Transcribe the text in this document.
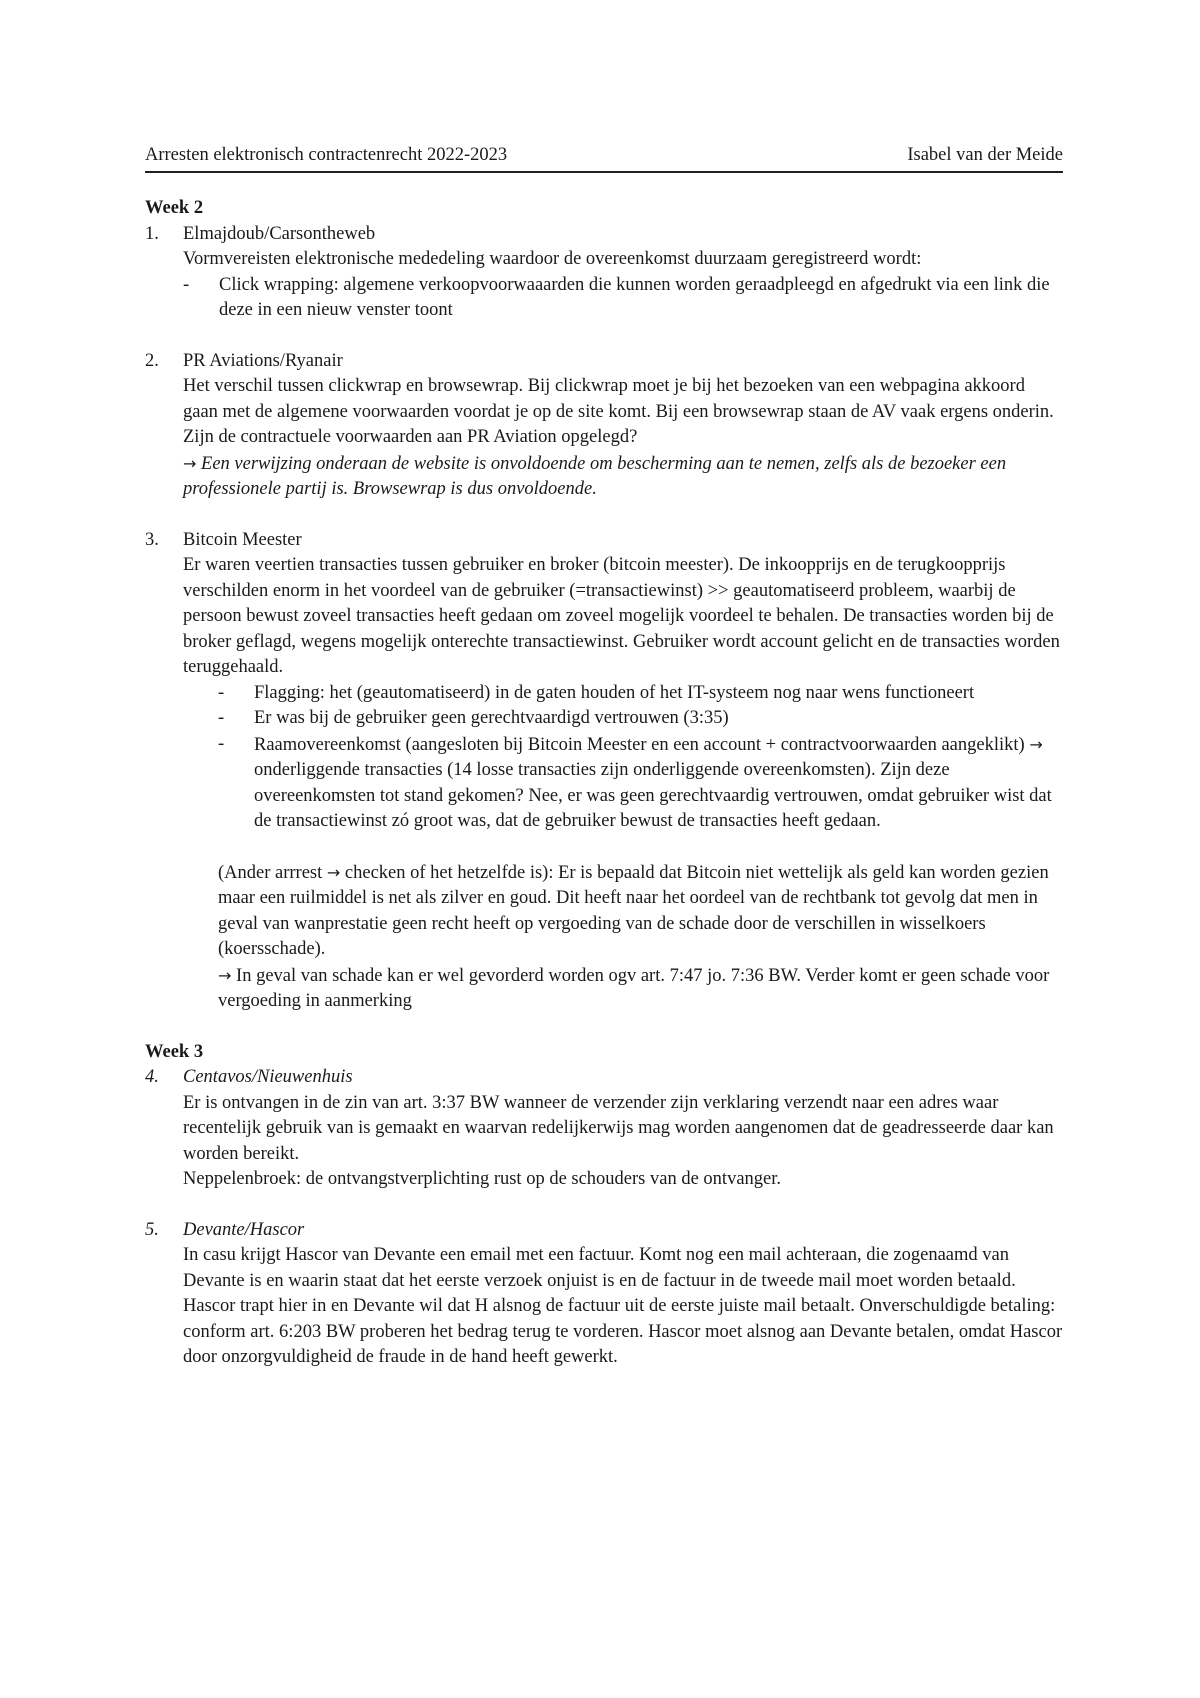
Arresten elektronisch contractenrecht 2022-2023	Isabel van der Meide

Week 2

1. Elmajdoub/Carsontheweb

Vormvereisten elektronische mededeling waardoor de overeenkomst duurzaam geregistreerd wordt:

- Click wrapping: algemene verkoopvoorwaaarden die kunnen worden geraadpleegd en afgedrukt via een link die deze in een nieuw venster toont
2. PR Aviations/Ryanair

Het verschil tussen clickwrap en browsewrap. Bij clickwrap moet je bij het bezoeken van een webpagina akkoord gaan met de algemene voorwaarden voordat je op de site komt. Bij een browsewrap staan de AV vaak ergens onderin. Zijn de contractuele voorwaarden aan PR Aviation opgelegd?

→ Een verwijzing onderaan de website is onvoldoende om bescherming aan te nemen, zelfs als de bezoeker een professionele partij is. Browsewrap is dus onvoldoende.

3. Bitcoin Meester

Er waren veertien transacties tussen gebruiker en broker (bitcoin meester). De inkoopprijs en de terugkoopprijs verschilden enorm in het voordeel van de gebruiker (=transactiewinst) >> geautomatiseerd probleem, waarbij de persoon bewust zoveel transacties heeft gedaan om zoveel mogelijk voordeel te behalen. De transacties worden bij de broker geflagd, wegens mogelijk onterechte transactiewinst. Gebruiker wordt account gelicht en de transacties worden teruggehaald.

- Flagging: het (geautomatiseerd) in de gaten houden of het IT-systeem nog naar wens functioneert
- Er was bij de gebruiker geen gerechtvaardigd vertrouwen (3:35)
- Raamovereenkomst (aangesloten bij Bitcoin Meester en een account + contractvoorwaarden aangeklikt) → onderliggende transacties (14 losse transacties zijn onderliggende overeenkomsten). Zijn deze overeenkomsten tot stand gekomen? Nee, er was geen gerechtvaardig vertrouwen, omdat gebruiker wist dat de transactiewinst zó groot was, dat de gebruiker bewust de transacties heeft gedaan.

(Ander arrrest → checken of het hetzelfde is): Er is bepaald dat Bitcoin niet wettelijk als geld kan worden gezien maar een ruilmiddel is net als zilver en goud. Dit heeft naar het oordeel van de rechtbank tot gevolg dat men in geval van wanprestatie geen recht heeft op vergoeding van de schade door de verschillen in wisselkoers (koersschade).

→ In geval van schade kan er wel gevorderd worden ogv art. 7:47 jo. 7:36 BW. Verder komt er geen schade voor vergoeding in aanmerking

Week 3

4. Centavos/Nieuwenhuis

Er is ontvangen in de zin van art. 3:37 BW wanneer de verzender zijn verklaring verzendt naar een adres waar recentelijk gebruik van is gemaakt en waarvan redelijkerwijs mag worden aangenomen dat de geadresseerde daar kan worden bereikt.

Neppelenbroek: de ontvangstverplichting rust op de schouders van de ontvanger.

5. Devante/Hascor

In casu krijgt Hascor van Devante een email met een factuur. Komt nog een mail achteraan, die zogenaamd van Devante is en waarin staat dat het eerste verzoek onjuist is en de factuur in de tweede mail moet worden betaald. Hascor trapt hier in en Devante wil dat H alsnog de factuur uit de eerste juiste mail betaalt. Onverschuldigde betaling: conform art. 6:203 BW proberen het bedrag terug te vorderen. Hascor moet alsnog aan Devante betalen, omdat Hascor door onzorgvuldigheid de fraude in de hand heeft gewerkt.
